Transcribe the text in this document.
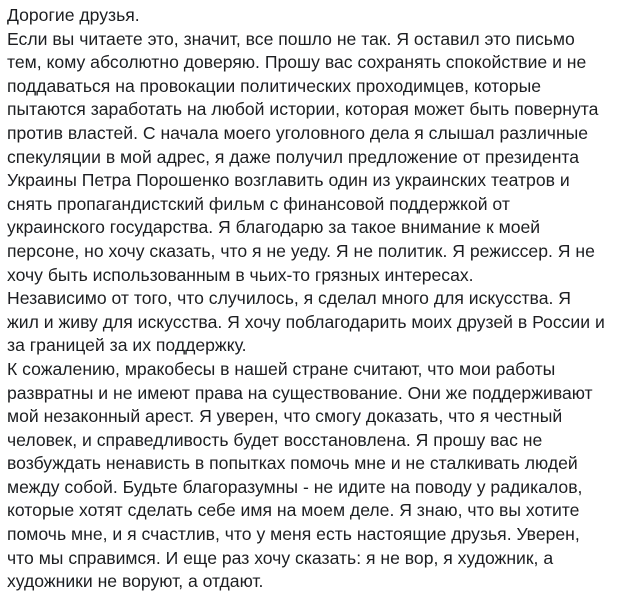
Дорогие друзья.
Если вы читаете это, значит, все пошло не так. Я оставил это письмо
тем, кому абсолютно доверяю. Прошу вас сохранять спокойствие и не
поддаваться на провокации политических проходимцев, которые
пытаются заработать на любой истории, которая может быть повернута
против властей. С начала моего уголовного дела я слышал различные
спекуляции в мой адрес, я даже получил предложение от президента
Украины Петра Порошенко возглавить один из украинских театров и
снять пропагандистский фильм с финансовой поддержкой от
украинского государства. Я благодарю за такое внимание к моей
персоне, но хочу сказать, что я не уеду. Я не политик. Я режиссер. Я не
хочу быть использованным в чьих-то грязных интересах.
Независимо от того, что случилось, я сделал много для искусства. Я
жил и живу для искусства. Я хочу поблагодарить моих друзей в России и
за границей за их поддержку.
К сожалению, мракобесы в нашей стране считают, что мои работы
развратны и не имеют права на существование. Они же поддерживают
мой незаконный арест. Я уверен, что смогу доказать, что я честный
человек, и справедливость будет восстановлена. Я прошу вас не
возбуждать ненависть в попытках помочь мне и не сталкивать людей
между собой. Будьте благоразумны - не идите на поводу у радикалов,
которые хотят сделать себе имя на моем деле. Я знаю, что вы хотите
помочь мне, и я счастлив, что у меня есть настоящие друзья. Уверен,
что мы справимся. И еще раз хочу сказать: я не вор, я художник, а
художники не воруют, а отдают.
